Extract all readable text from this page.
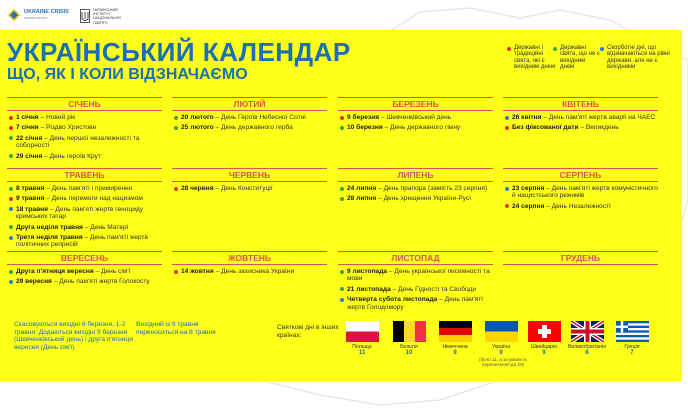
UKRAINE CRISIS
media center
УКРАЇНСЬКИЙ ІНСТИТУТ НАЦІОНАЛЬНОЇ ПАМ'ЯТІ
УКРАЇНСЬКИЙ КАЛЕНДАР
ЩО, ЯК І КОЛИ ВІДЗНАЧАЄМО
Державні і традиційні свята, які є вихідним днем
Державні свята, що не є вихідним днем
Скорботні дні, що відзначаються на рівні держави, але не є вихідними
СІЧЕНЬ
1 січня – Новий рік
7 січня – Різдво Христове
22 січня – День першої незалежності та соборності
29 січня – День героїв Крут
ЛЮТИЙ
20 лютого – День Героїв Небесної Сотні
25 лютого – День державного герба
БЕРЕЗЕНЬ
9 березня – Шевченківський день
10 березня – День державного гімну
КВІТЕНЬ
26 квітня – День пам'яті жертв аварії на ЧАЕС
Без фіксованої дати – Великдень
ТРАВЕНЬ
8 травня – День пам'яті і примирення
9 травня – День перемоги над нацизмом
18 травня – День пам'яті жертв геноциду кримських татар
Друга неділя травня – День Матері
Третя неділя травня – День пам'яті жертв політичних репресій
ЧЕРВЕНЬ
28 червня – День Конституції
ЛИПЕНЬ
24 липня – День прапора (замість 23 серпня)
28 липня – День хрещення України-Русі
СЕРПЕНЬ
23 серпня – День пам'яті жертв комуністичного й нацистського режимів
24 серпня – День Незалежності
ВЕРЕСЕНЬ
Друга п'ятниця вересня – День сім'ї
29 вересня – День пам'яті жертв Голокосту
ЖОВТЕНЬ
14 жовтня – День захисника України
ЛИСТОПАД
9 листопада – День української писемності та мови
21 листопада – День Гідності та Свободи
Четверта субота листопада – День пам'яті жертв Голодомору
ГРУДЕНЬ
Скасовуються вихідні 8 березня, 1-2 травня. Додаються вихідні 9 березня (Шевченківський день) і друга п'ятниця вересня (День сім'ї)
Вихідний із 9 травня переноситься на 8 травня
Святкові дні в інших країнах:
Польща
11
Бельгія
10
Німеччина
9
Україна
9
Швейцарія
9
Великобританія
8
Греція
7
(було 11, а за умови їх перенесення до 20)
